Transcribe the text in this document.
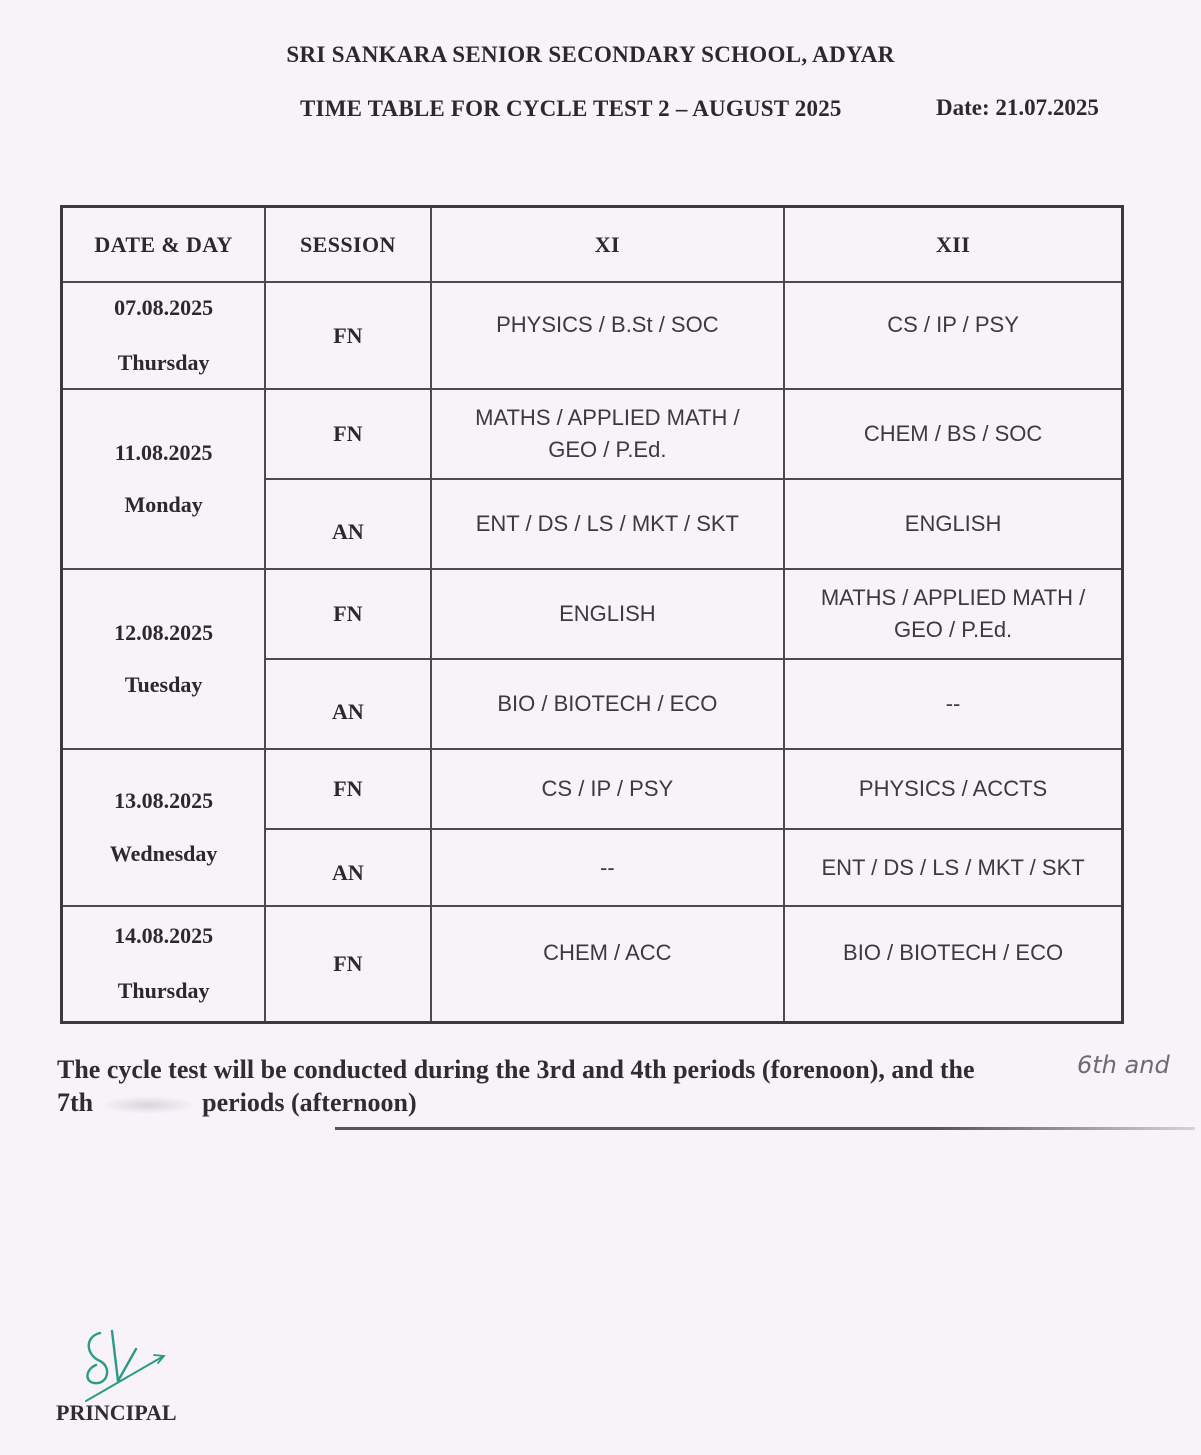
SRI SANKARA SENIOR SECONDARY SCHOOL, ADYAR
TIME TABLE FOR CYCLE TEST 2 – AUGUST 2025	Date: 21.07.2025
DATE & DAY	SESSION	XI	XII
07.08.2025
Thursday	FN	PHYSICS / B.St / SOC	CS / IP / PSY
11.08.2025
Monday	FN	MATHS / APPLIED MATH / GEO / P.Ed.	CHEM / BS / SOC
	AN	ENT / DS / LS / MKT / SKT	ENGLISH
12.08.2025
Tuesday	FN	ENGLISH	MATHS / APPLIED MATH / GEO / P.Ed.
	AN	BIO / BIOTECH / ECO	--
13.08.2025
Wednesday	FN	CS / IP / PSY	PHYSICS / ACCTS
	AN	--	ENT / DS / LS / MKT / SKT
14.08.2025
Thursday	FN	CHEM / ACC	BIO / BIOTECH / ECO
The cycle test will be conducted during the 3rd and 4th periods (forenoon), and the	6th and

7th	periods (afternoon)
PRINCIPAL
